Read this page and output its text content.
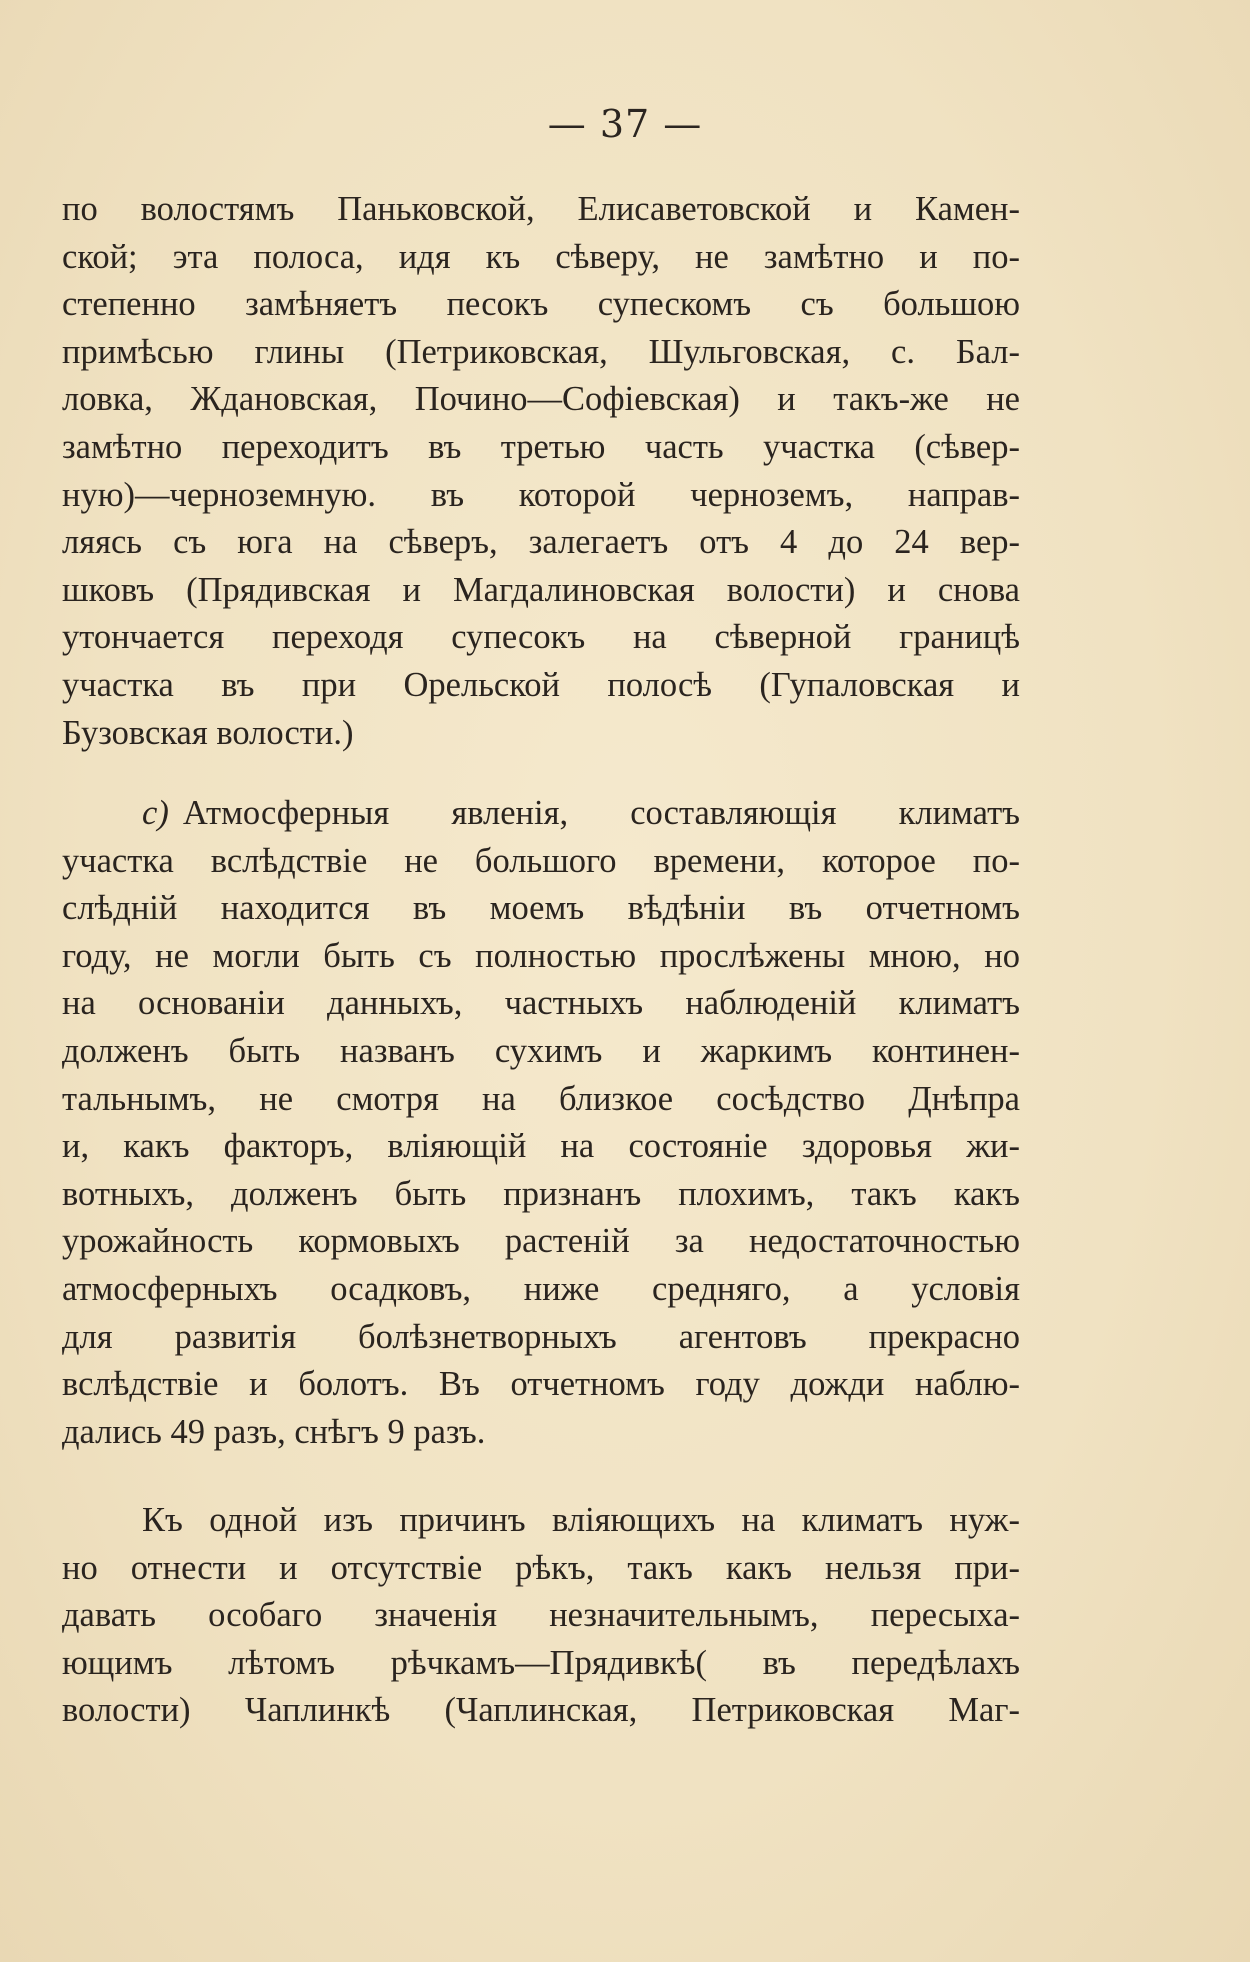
— 37 —
по волостямъ Паньковской, Елисаветовской и Камен-
ской; эта полоса, идя къ сѣверу, не замѣтно и по-
степенно замѣняетъ песокъ супескомъ съ большою
примѣсью глины (Петриковская, Шульговская, с. Бал-
ловка, Ждановская, Почино—Софіевская) и такъ-же не
замѣтно переходитъ въ третью часть участка (сѣвер-
ную)—черноземную. въ которой черноземъ, направ-
ляясь съ юга на сѣверъ, залегаетъ отъ 4 до 24 вер-
шковъ (Прядивская и Магдалиновская волости) и снова
утончается переходя супесокъ на сѣверной границѣ
участка въ при Орельской полосѣ (Гупаловская и
Бузовская волости.)
c) Атмосферныя явленія, составляющія климатъ
участка вслѣдствіе не большого времени, которое по-
слѣдній находится въ моемъ вѣдѣніи въ отчетномъ
году, не могли быть съ полностью прослѣжены мною, но
на основаніи данныхъ, частныхъ наблюденій климатъ
долженъ быть названъ сухимъ и жаркимъ континен-
тальнымъ, не смотря на близкое сосѣдство Днѣпра
и, какъ факторъ, вліяющій на состояніе здоровья жи-
вотныхъ, долженъ быть признанъ плохимъ, такъ какъ
урожайность кормовыхъ растеній за недостаточностью
атмосферныхъ осадковъ, ниже средняго, а условія
для развитія болѣзнетворныхъ агентовъ прекрасно
вслѣдствіе и болотъ. Въ отчетномъ году дожди наблю-
дались 49 разъ, снѣгъ 9 разъ.
Къ одной изъ причинъ вліяющихъ на климатъ нуж-
но отнести и отсутствіе рѣкъ, такъ какъ нельзя при-
давать особаго значенія незначительнымъ, пересыха-
ющимъ лѣтомъ рѣчкамъ—Прядивкѣ( въ передѣлахъ
волости) Чаплинкѣ (Чаплинская, Петриковская Маг-
